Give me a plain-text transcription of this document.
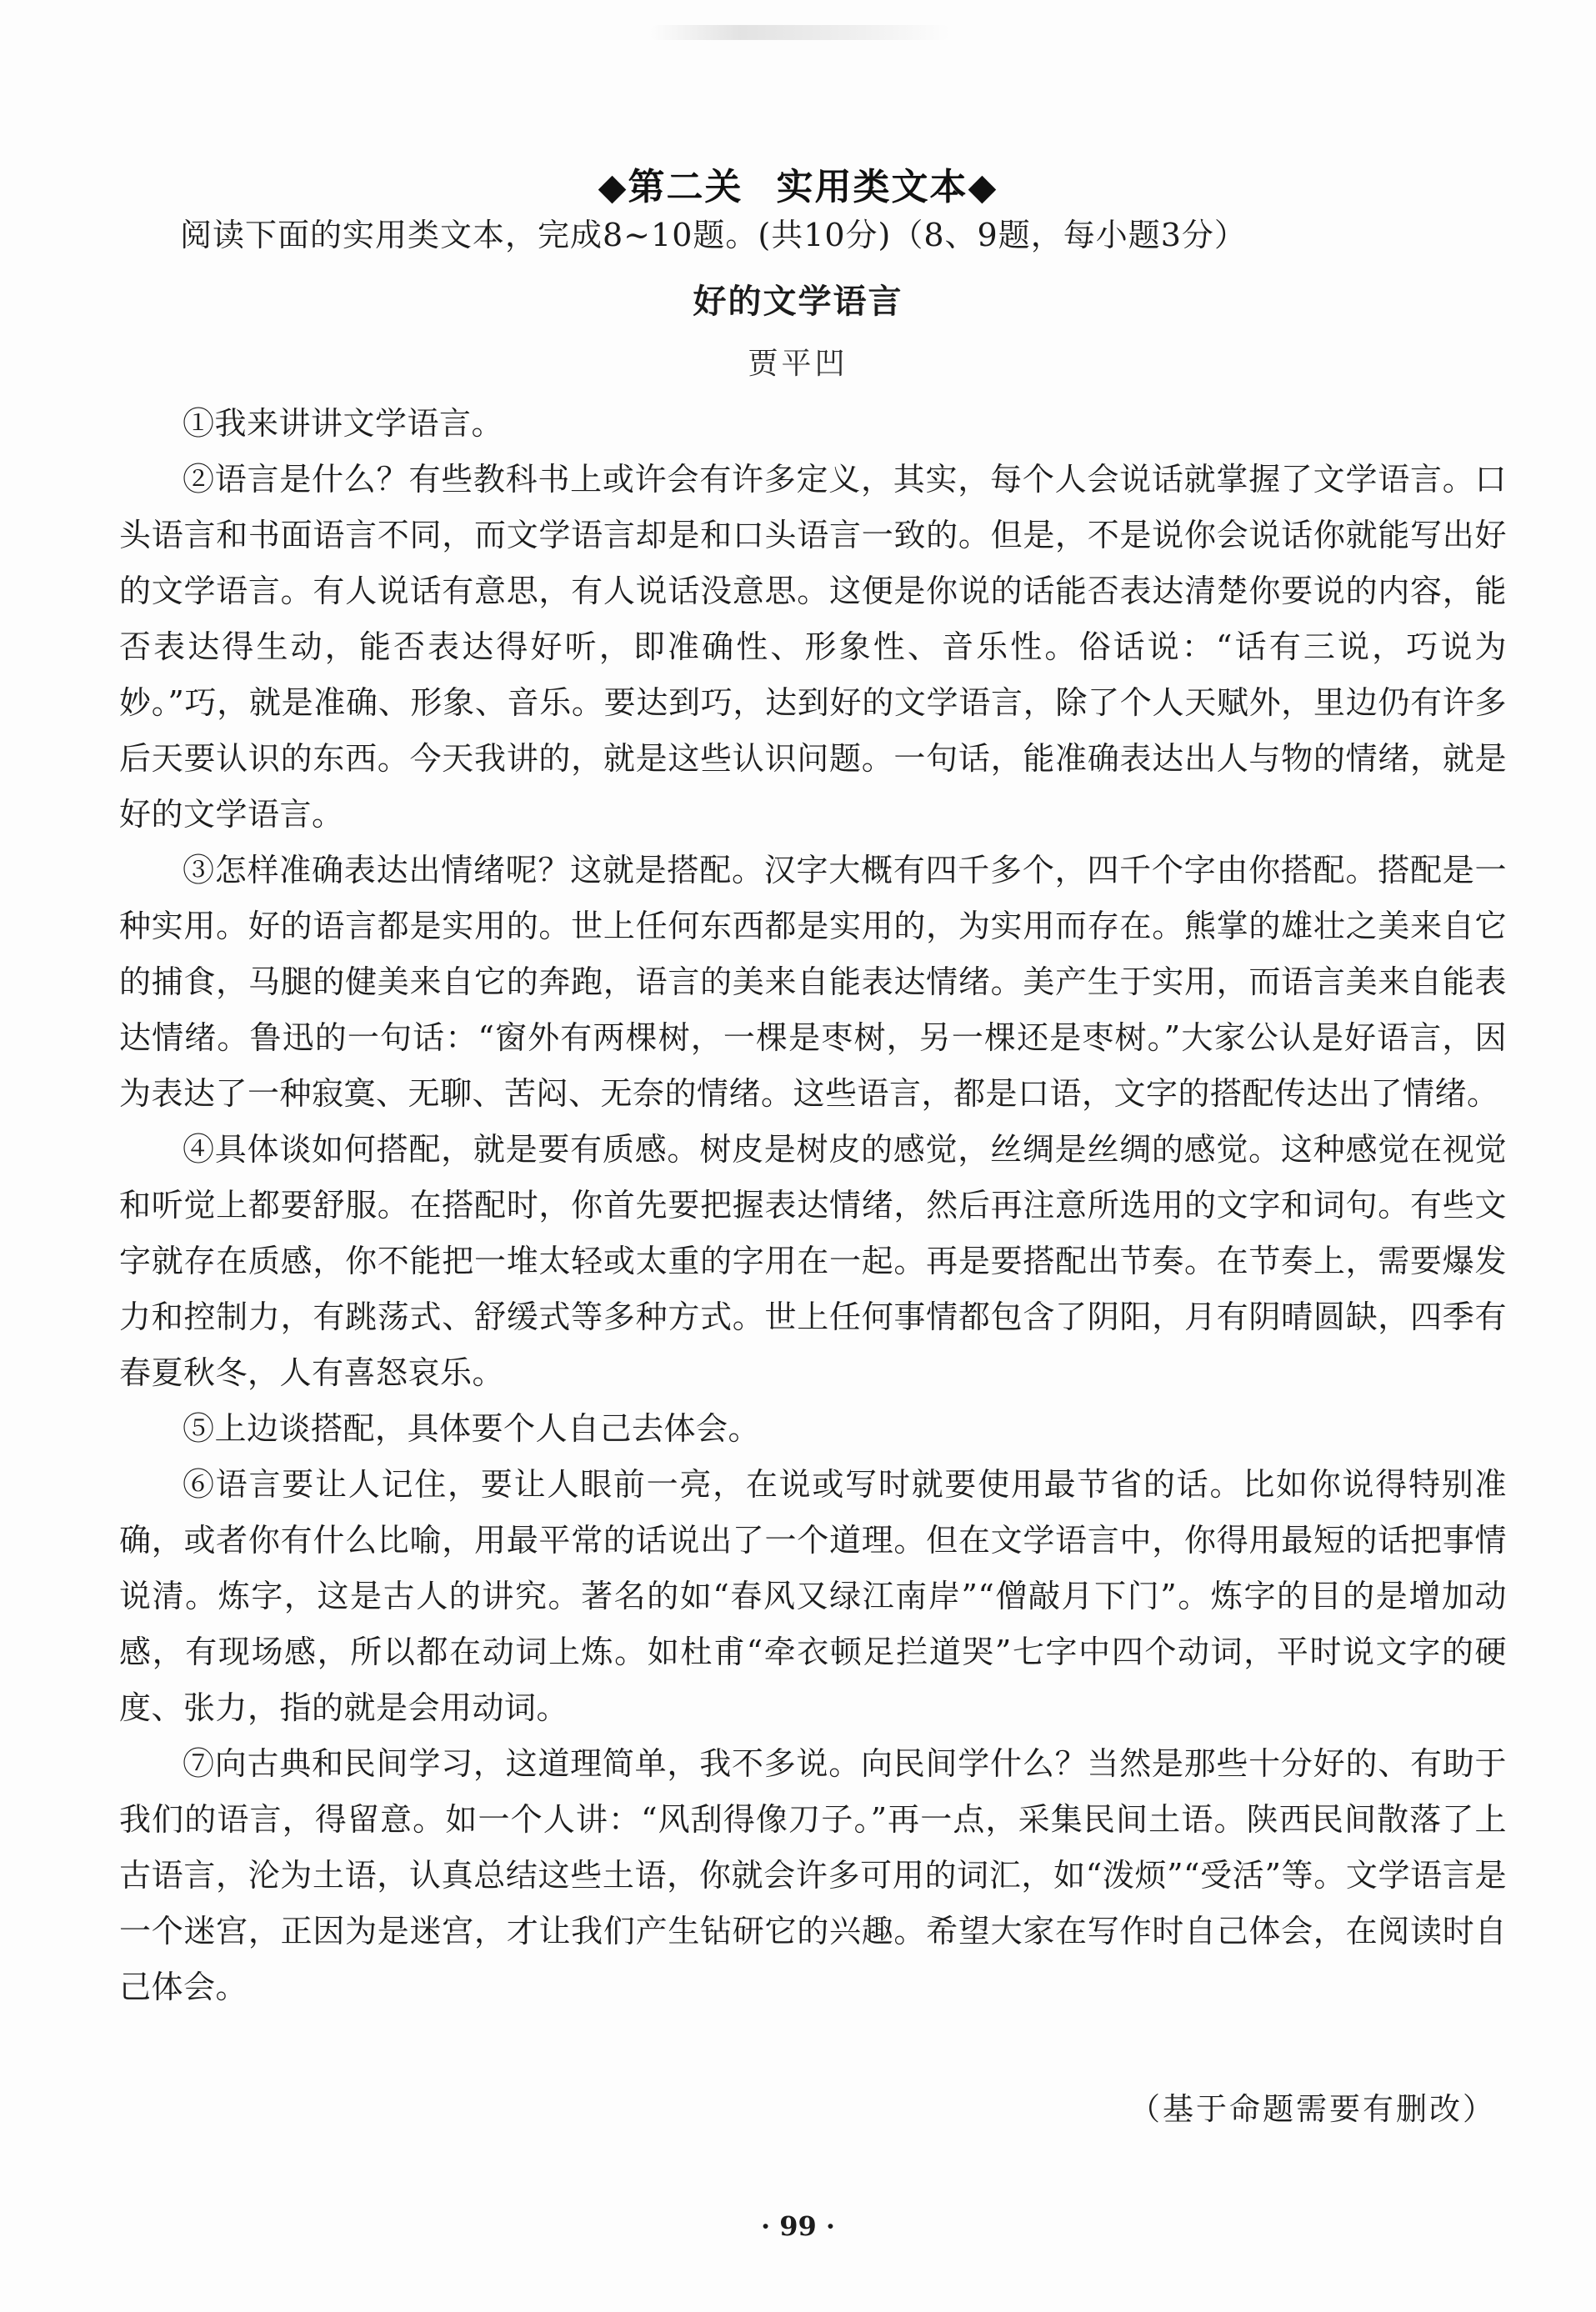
◆第二关 实用类文本◆
阅读下面的实用类文本，完成8~10题。(共10分)（8、9题，每小题3分）
好的文学语言
贾平凹

①我来讲讲文学语言。

②语言是什么？有些教科书上或许会有许多定义，其实，每个人会说话就掌握了文学语言。口头语言和书面语言不同，而文学语言却是和口头语言一致的。但是，不是说你会说话你就能写出好的文学语言。有人说话有意思，有人说话没意思。这便是你说的话能否表达清楚你要说的内容，能否表达得生动，能否表达得好听，即准确性、形象性、音乐性。俗话说：“话有三说，巧说为妙。”巧，就是准确、形象、音乐。要达到巧，达到好的文学语言，除了个人天赋外，里边仍有许多后天要认识的东西。今天我讲的，就是这些认识问题。一句话，能准确表达出人与物的情绪，就是好的文学语言。

③怎样准确表达出情绪呢？这就是搭配。汉字大概有四千多个，四千个字由你搭配。搭配是一种实用。好的语言都是实用的。世上任何东西都是实用的，为实用而存在。熊掌的雄壮之美来自它的捕食，马腿的健美来自它的奔跑，语言的美来自能表达情绪。美产生于实用，而语言美来自能表达情绪。鲁迅的一句话：“窗外有两棵树，一棵是枣树，另一棵还是枣树。”大家公认是好语言，因为表达了一种寂寞、无聊、苦闷、无奈的情绪。这些语言，都是口语，文字的搭配传达出了情绪。

④具体谈如何搭配，就是要有质感。树皮是树皮的感觉，丝绸是丝绸的感觉。这种感觉在视觉和听觉上都要舒服。在搭配时，你首先要把握表达情绪，然后再注意所选用的文字和词句。有些文字就存在质感，你不能把一堆太轻或太重的字用在一起。再是要搭配出节奏。在节奏上，需要爆发力和控制力，有跳荡式、舒缓式等多种方式。世上任何事情都包含了阴阳，月有阴晴圆缺，四季有春夏秋冬，人有喜怒哀乐。

⑤上边谈搭配，具体要个人自己去体会。

⑥语言要让人记住，要让人眼前一亮，在说或写时就要使用最节省的话。比如你说得特别准确，或者你有什么比喻，用最平常的话说出了一个道理。但在文学语言中，你得用最短的话把事情说清。炼字，这是古人的讲究。著名的如“春风又绿江南岸”“僧敲月下门”。炼字的目的是增加动感，有现场感，所以都在动词上炼。如杜甫“牵衣顿足拦道哭”七字中四个动词，平时说文字的硬度、张力，指的就是会用动词。

⑦向古典和民间学习，这道理简单，我不多说。向民间学什么？当然是那些十分好的、有助于我们的语言，得留意。如一个人讲：“风刮得像刀子。”再一点，采集民间土语。陕西民间散落了上古语言，沦为土语，认真总结这些土语，你就会许多可用的词汇，如“泼烦”“受活”等。文学语言是一个迷宫，正因为是迷宫，才让我们产生钻研它的兴趣。希望大家在写作时自己体会，在阅读时自己体会。

（基于命题需要有删改）
· 99 ·
